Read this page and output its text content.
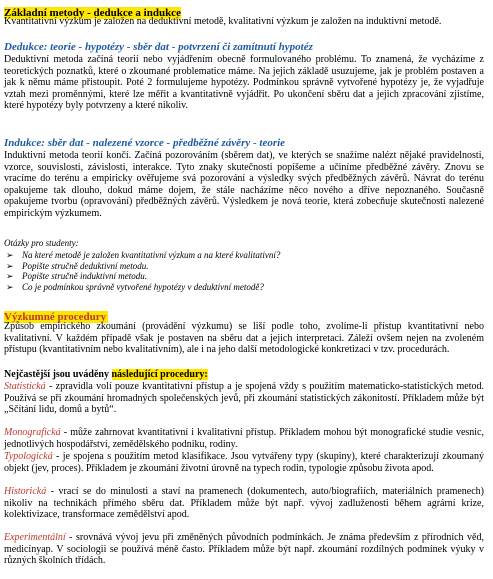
Základní metody - dedukce a indukce
Kvantitativní výzkum je založen na deduktivní metodě, kvalitativní výzkum je založen na induktivní metodě.
Dedukce: teorie - hypotézy - sběr dat - potvrzení či zamítnutí hypotéz
Deduktivní metoda začíná teorií nebo vyjádřením obecně formulovaného problému. To znamená, že vycházíme z teoretických poznatků, které o zkoumané problematice máme. Na jejich základě usuzujeme, jak je problém postaven a jak k němu máme přistoupit. Poté 2 formulujeme hypotézy. Podmínkou správně vytvořené hypotézy je, že vyjadřuje vztah mezi proměnnými, které lze měřit a kvantitativně vyjádřit. Po ukončení sběru dat a jejich zpracování zjistíme, které hypotézy byly potvrzeny a které nikoliv.
Indukce: sběr dat - nalezené vzorce - předběžné závěry - teorie
Induktivní metoda teorií končí. Začíná pozorováním (sběrem dat), ve kterých se snažíme nalézt nějaké pravidelnosti, vzorce, souvislosti, závislosti, interakce. Tyto znaky skutečnosti popíšeme a učiníme předběžné závěry. Znovu se vracíme do terénu a empiricky ověřujeme svá pozorování a výsledky svých předběžných závěrů. Návrat do terénu opakujeme tak dlouho, dokud máme dojem, že stále nacházíme něco nového a dříve nepoznaného. Současně opakujeme tvorbu (opravování) předběžných závěrů. Výsledkem je nová teorie, která zobecňuje skutečnosti nalezené empirickým výzkumem.
Otázky pro studenty:
➢ Na které metodě je založen kvantitativní výzkum a na které kvalitativní?
➢ Popište stručně deduktivní metodu.
➢ Popište stručně induktivní metodu.
➢ Co je podmínkou správně vytvořené hypotézy v deduktivní metodě?
Výzkumné procedury
Způsob empirického zkoumání (provádění výzkumu) se liší podle toho, zvolíme-li přístup kvantitativní nebo kvalitativní. V každém případě však je postaven na sběru dat a jejich interpretaci. Záleží ovšem nejen na zvoleném přístupu (kvantitativním nebo kvalitativním), ale i na jeho další metodologické konkretizaci v tzv. procedurách.
Nejčastější jsou uváděny následující procedury:
Statistická - zpravidla volí pouze kvantitativní přístup a je spojená vždy s použitím matematicko-statistických metod. Používá se při zkoumání hromadných společenských jevů, při zkoumání statistických zákonitostí. Příkladem může být „Sčítání lidu, domů a bytů“.
Monografická - může zahrnovat kvantitativní i kvalitativní přístup. Příkladem mohou být monografické studie vesnic, jednotlivých hospodářství, zemědělského podniku, rodiny.
Typologická - je spojena s použitím metod klasifikace. Jsou vytvářeny typy (skupiny), které charakterizují zkoumaný objekt (jev, proces). Příkladem je zkoumání životní úrovně na typech rodin, typologie způsobu života apod.
Historická - vrací se do minulosti a staví na pramenech (dokumentech, auto/biografiích, materiálních pramenech) nikoliv na technikách přímého sběru dat. Příkladem může být např. vývoj zadluženosti během agrární krize, kolektivizace, transformace zemědělství apod.
Experimentální - srovnává vývoj jevu při změněných původních podmínkách. Je známa především z přírodních věd, medicínyap. V sociologii se používá méně často. Příkladem může být např. zkoumání rozdílných podmínek výuky v různých školních třídách.
